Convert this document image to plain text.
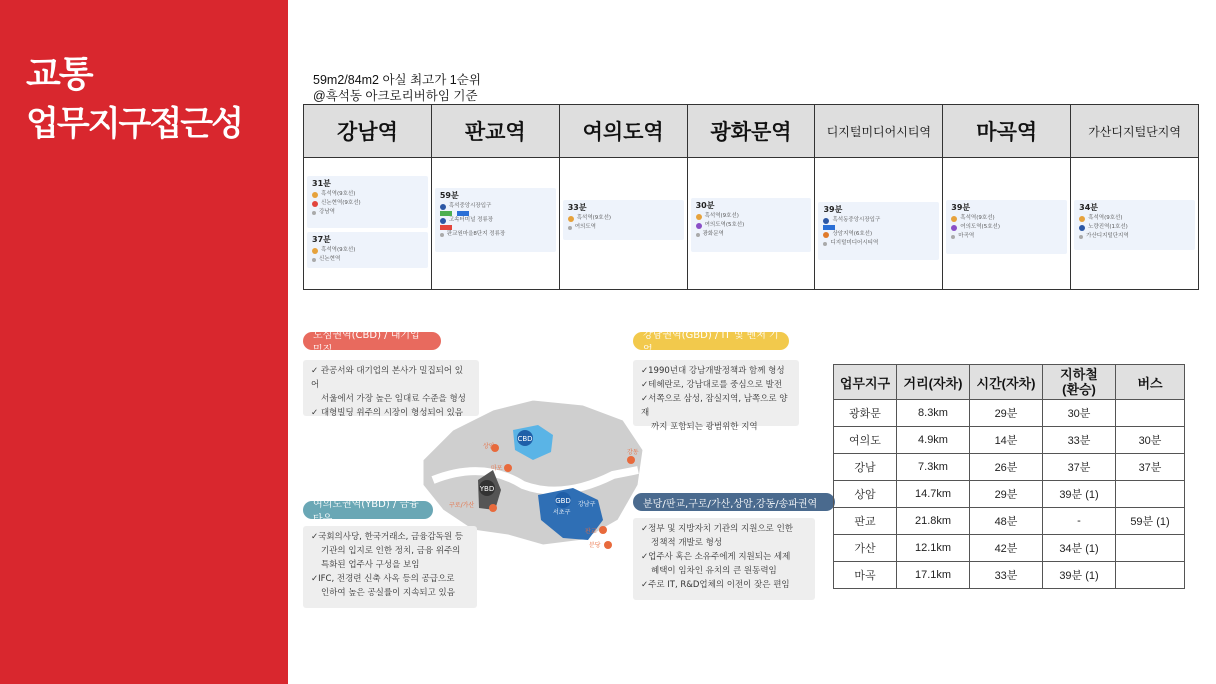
교통
업무지구접근성
59m2/84m2 아실 최고가 1순위
@흑석동 아크로리버하임 기준
강남역
31분
흑석역(9호선)
신논현역(9호선)
강남역
37분
흑석역(9호선)
신논현역
판교역
59분
흑석중앙시장입구
고속터미널 정류장
판교원마을8단지 정류장
여의도역
33분
흑석역(9호선)
여의도역
광화문역
30분
흑석역(9호선)
여의도역(5호선)
광화문역
디지털미디어시티역
39분
흑석동중앙시장입구
상암지역(6호선)
디지털미디어시티역
마곡역
39분
흑석역(9호선)
여의도역(5호선)
마곡역
가산디지털단지역
34분
흑석역(9호선)
노량진역(1호선)
가산디지털단지역
CBD
YBD
GBD
상암
마포
강동
구로/가산
서초구
강남구
판교
분당
도심권역(CBD) / 대기업 밀집
✓ 관공서와 대기업의 본사가 밀집되어 있어
서울에서 가장 높은 임대료 수준을 형성
✓ 대형빌딩 위주의 시장이 형성되어 있음
강남권역(GBD) / IT 및 벤처 기업
✓1990년대 강남개발정책과 함께 형성
✓테헤란로, 강남대로를 중심으로 발전
✓서쪽으로 삼성, 잠실지역, 남쪽으로 양재
까지 포함되는 광범위한 지역
여의도권역(YBD) / 금융타운
✓국회의사당, 한국거래소, 금융감독원 등
기관의 입지로 인한 정치, 금융 위주의
특화된 업주사 구성을 보임
✓IFC, 전경련 신축 사옥 등의 공급으로
인하여 높은 공실률이 지속되고 있음
분당/판교,구로/가산,상암,강동/송파권역
✓정부 및 지방자치 기관의 지원으로 인한
정책적 개발로 형성
✓업주사 혹은 소유주에게 지원되는 세제
혜택이 임차인 유치의 큰 원동력임
✓주로 IT, R&D업체의 이전이 잦은 편임
업무지구	거리(자차)	시간(자차)	지하철
(환승)	버스
광화문	8.3km	29분	30분	
여의도	4.9km	14분	33분	30분
강남	7.3km	26분	37분	37분
상암	14.7km	29분	39분 (1)	
판교	21.8km	48분	-	59분 (1)
가산	12.1km	42분	34분 (1)	
마곡	17.1km	33분	39분 (1)	
